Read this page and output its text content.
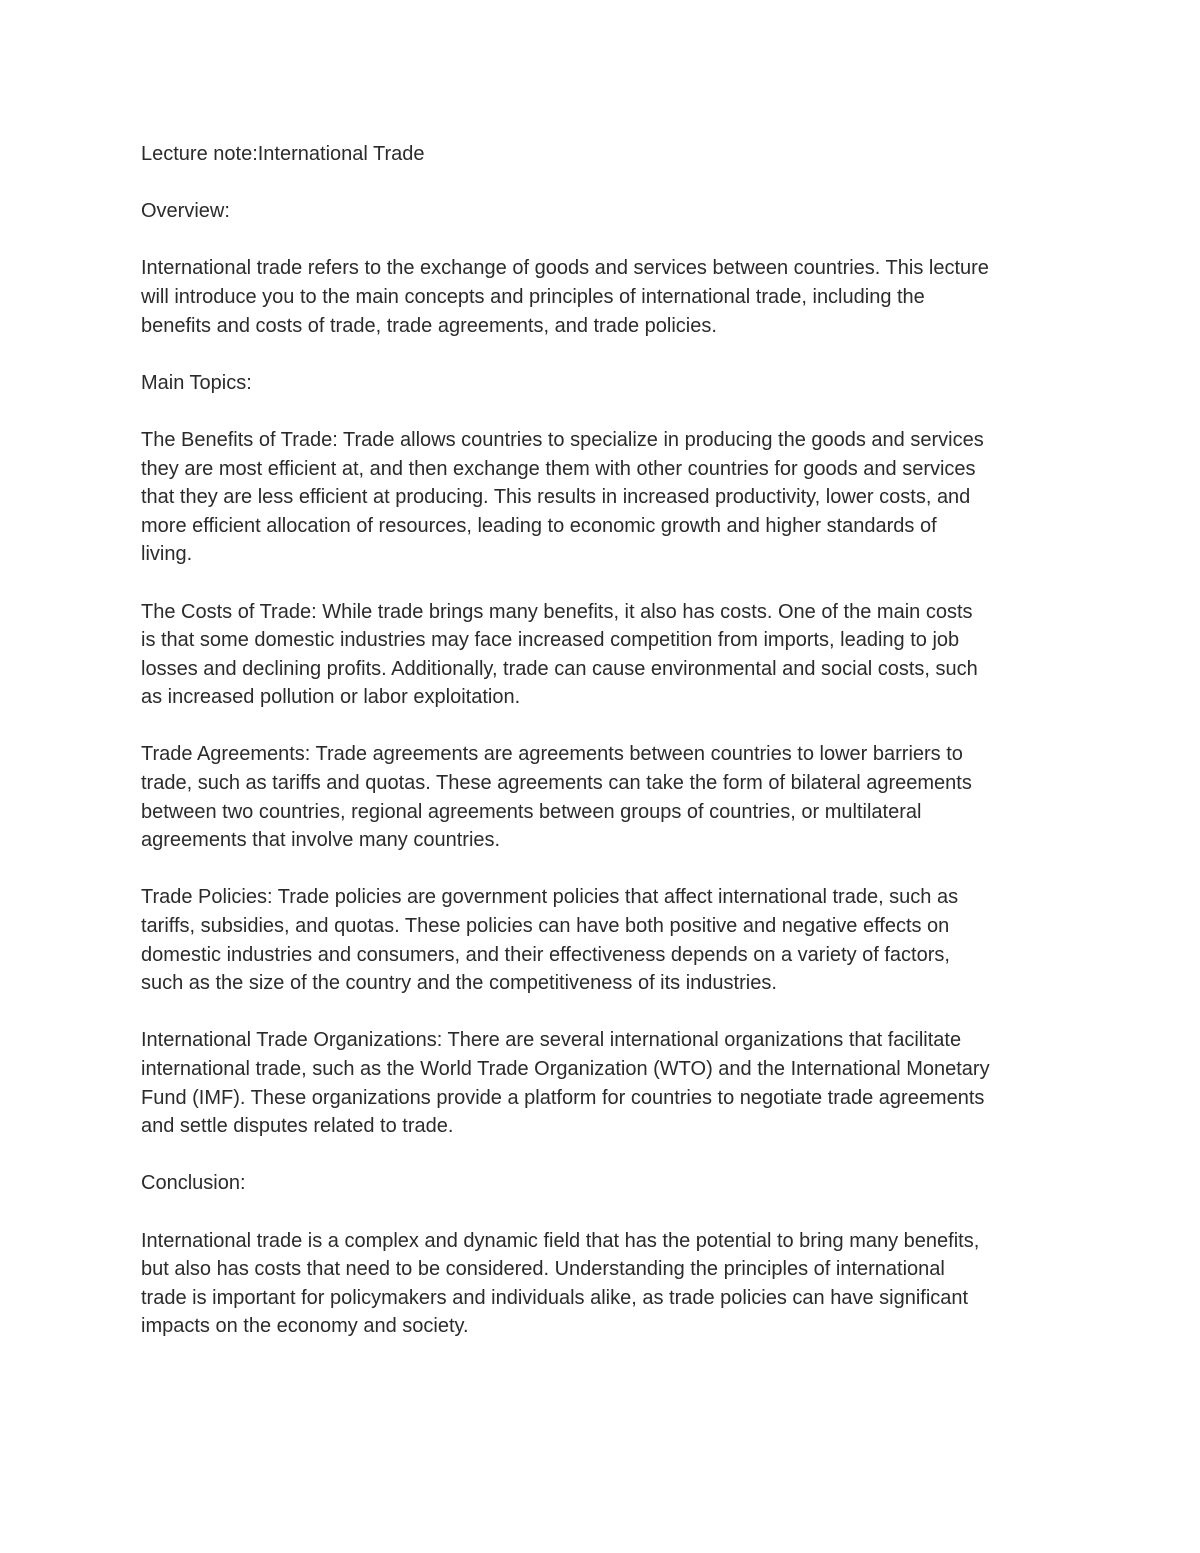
Lecture note:International Trade

Overview:

International trade refers to the exchange of goods and services between countries. This lecture

will introduce you to the main concepts and principles of international trade, including the

benefits and costs of trade, trade agreements, and trade policies.

Main Topics:

The Benefits of Trade: Trade allows countries to specialize in producing the goods and services

they are most efficient at, and then exchange them with other countries for goods and services

that they are less efficient at producing. This results in increased productivity, lower costs, and

more efficient allocation of resources, leading to economic growth and higher standards of

living.

The Costs of Trade: While trade brings many benefits, it also has costs. One of the main costs

is that some domestic industries may face increased competition from imports, leading to job

losses and declining profits. Additionally, trade can cause environmental and social costs, such

as increased pollution or labor exploitation.

Trade Agreements: Trade agreements are agreements between countries to lower barriers to

trade, such as tariffs and quotas. These agreements can take the form of bilateral agreements

between two countries, regional agreements between groups of countries, or multilateral

agreements that involve many countries.

Trade Policies: Trade policies are government policies that affect international trade, such as

tariffs, subsidies, and quotas. These policies can have both positive and negative effects on

domestic industries and consumers, and their effectiveness depends on a variety of factors,

such as the size of the country and the competitiveness of its industries.

International Trade Organizations: There are several international organizations that facilitate

international trade, such as the World Trade Organization (WTO) and the International Monetary

Fund (IMF). These organizations provide a platform for countries to negotiate trade agreements

and settle disputes related to trade.

Conclusion:

International trade is a complex and dynamic field that has the potential to bring many benefits,

but also has costs that need to be considered. Understanding the principles of international

trade is important for policymakers and individuals alike, as trade policies can have significant

impacts on the economy and society.
